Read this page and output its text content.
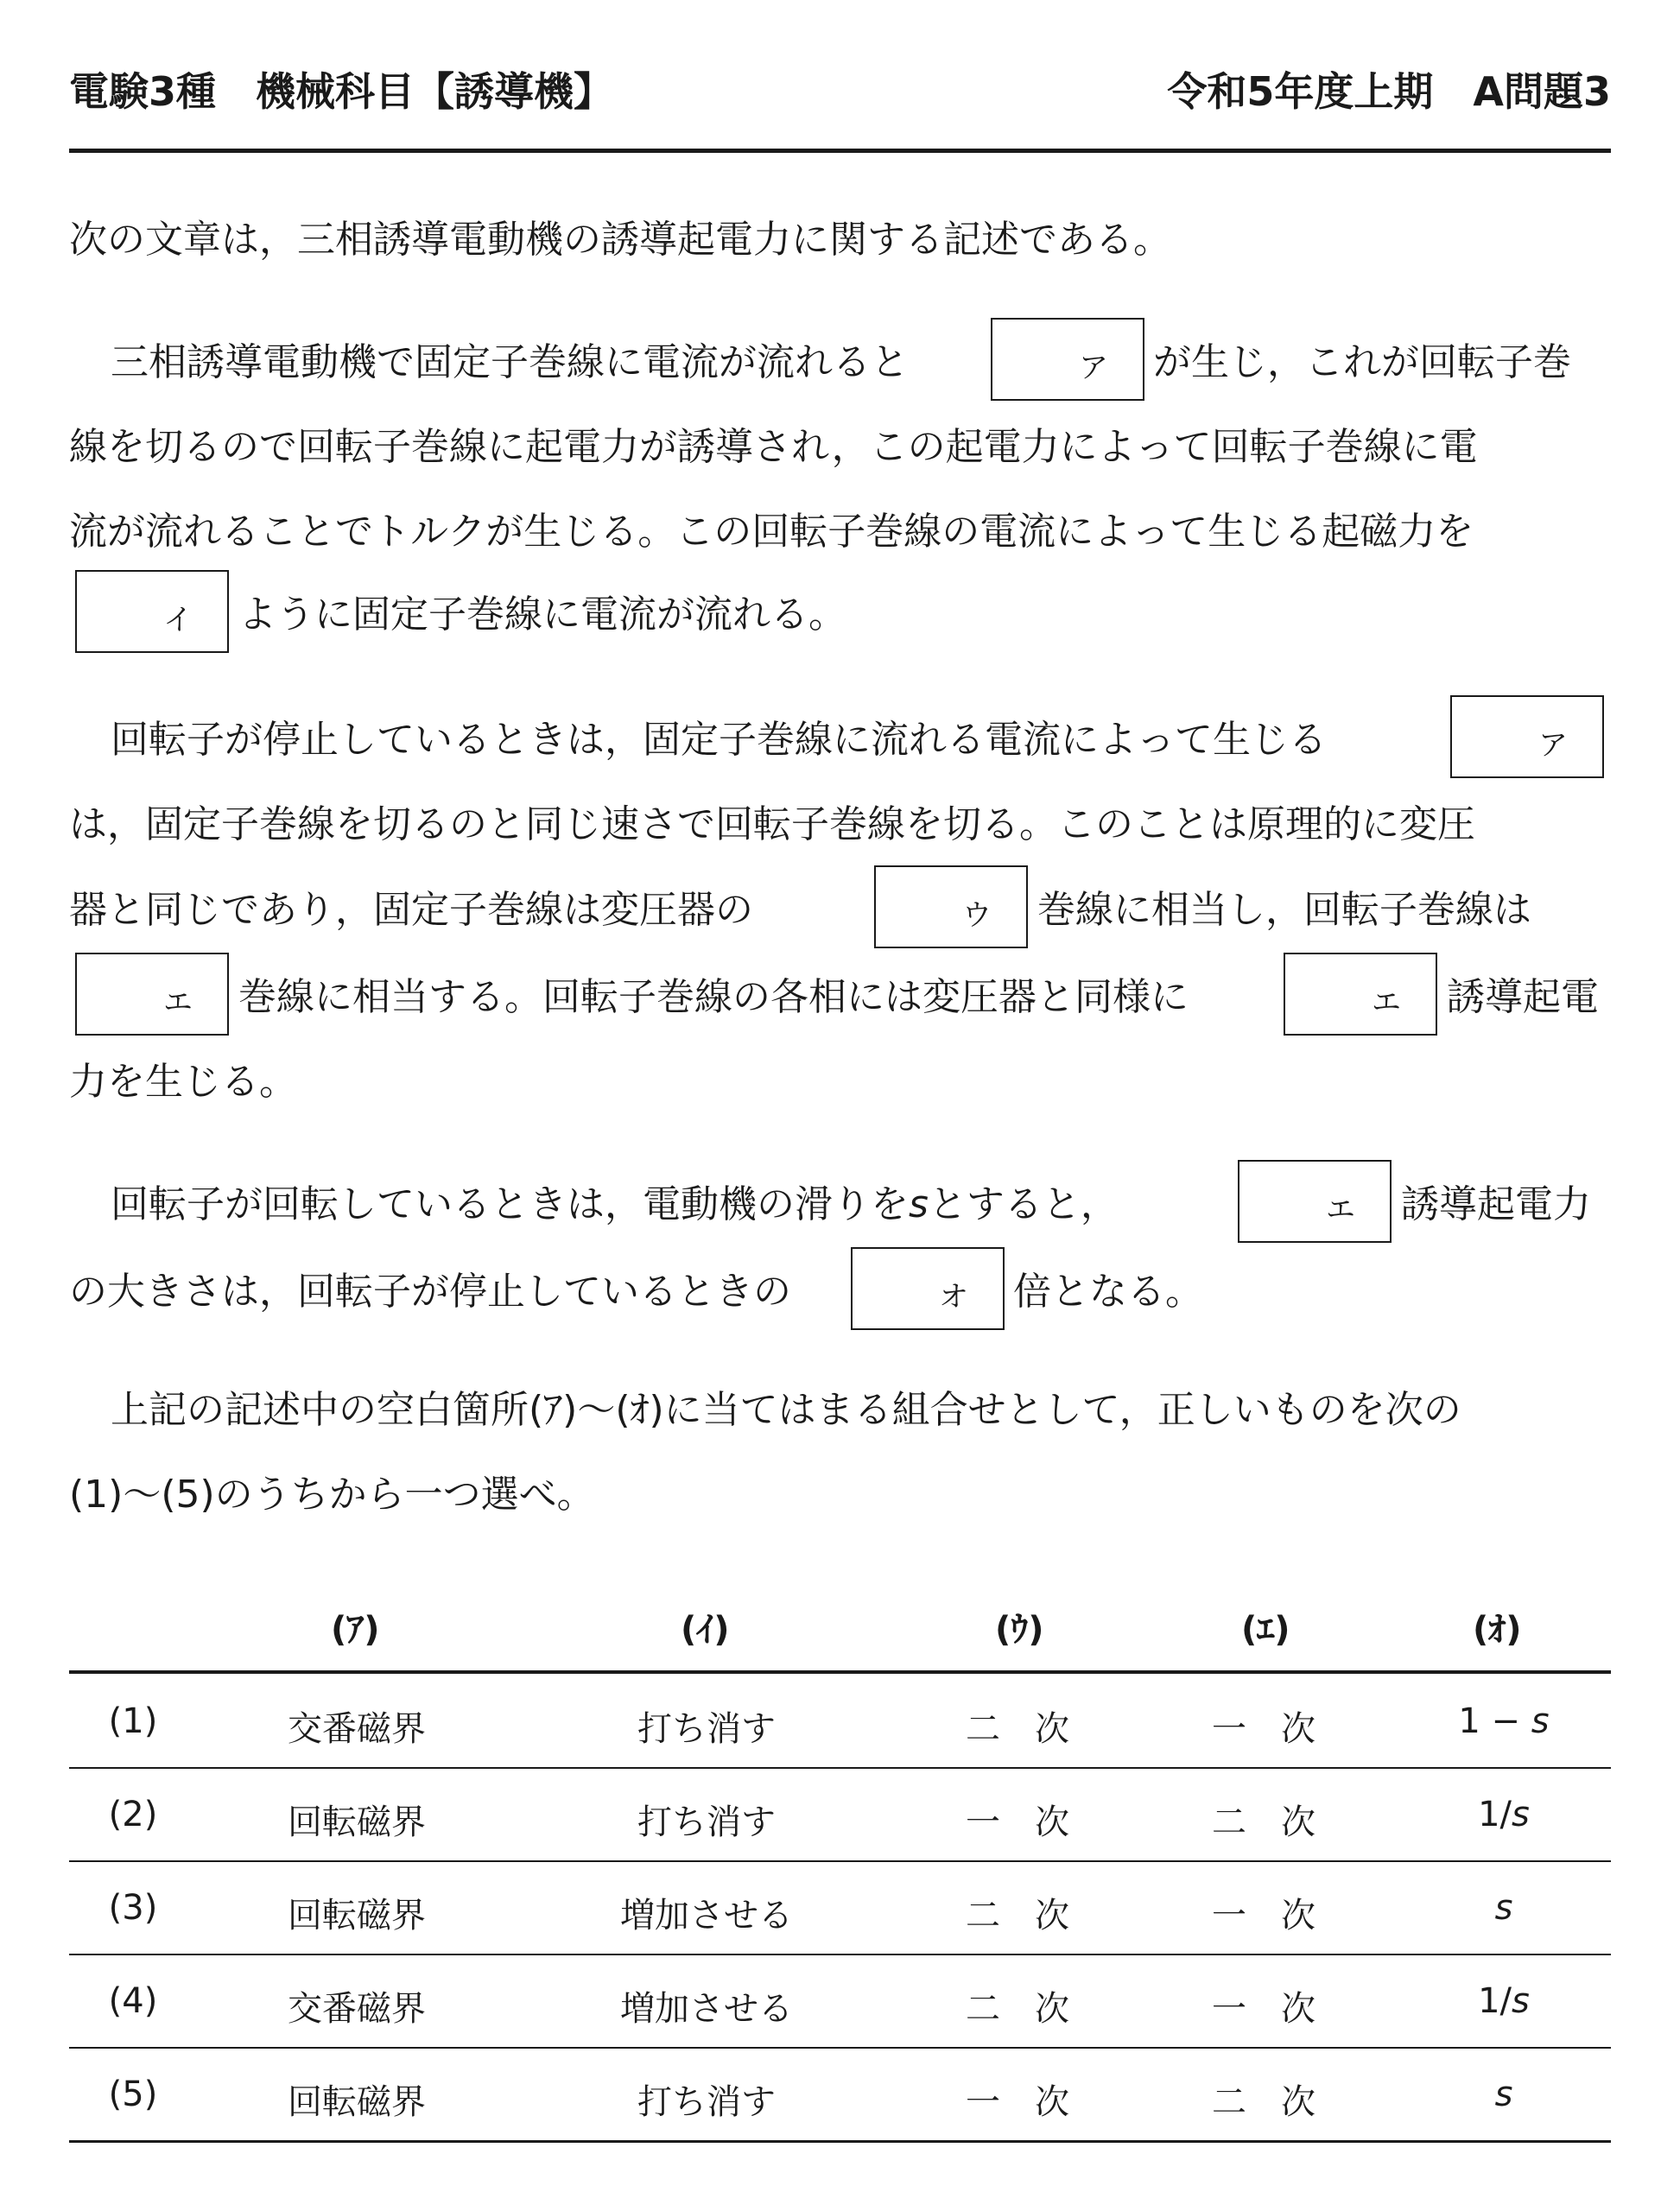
電験3種　機械科目【誘導機】	令和5年度上期　A問題3
次の文章は，三相誘導電動機の誘導起電力に関する記述である。
三相誘導電動機で固定子巻線に電流が流れると	ア が生じ，これが回転子巻
線を切るので回転子巻線に起電力が誘導され，この起電力によって回転子巻線に電
流が流れることでトルクが生じる。この回転子巻線の電流によって生じる起磁力を
イ ように固定子巻線に電流が流れる。
回転子が停止しているときは，固定子巻線に流れる電流によって生じる	ア
は，固定子巻線を切るのと同じ速さで回転子巻線を切る。このことは原理的に変圧
器と同じであり，固定子巻線は変圧器の	ウ 巻線に相当し，回転子巻線は
エ 巻線に相当する。回転子巻線の各相には変圧器と同様に	エ 誘導起電
力を生じる。
回転子が回転しているときは，電動機の滑りをsとすると，	エ 誘導起電力
の大きさは，回転子が停止しているときの	オ 倍となる。
上記の記述中の空白箇所(ｱ)～(ｵ)に当てはまる組合せとして，正しいものを次の
(1)～(5)のうちから一つ選べ。
(ｱ)	(ｲ)	(ｳ)	(ｴ)	(ｵ)
(1)	交番磁界	打ち消す	二　次	一　次	1 − s
(2)	回転磁界	打ち消す	一　次	二　次	1/s
(3)	回転磁界	増加させる	二　次	一　次	s
(4)	交番磁界	増加させる	二　次	一　次	1/s
(5)	回転磁界	打ち消す	一　次	二　次	s
